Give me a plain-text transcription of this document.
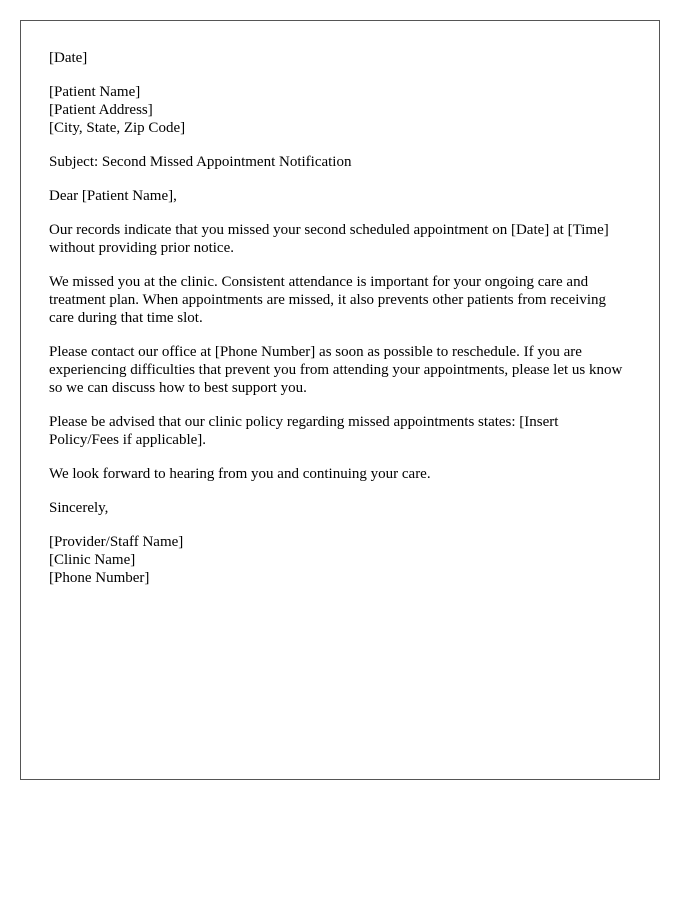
[Date]
[Patient Name]
[Patient Address]
[City, State, Zip Code]

Subject: Second Missed Appointment Notification

Dear [Patient Name],

Our records indicate that you missed your second scheduled appointment on [Date] at [Time] without providing prior notice.

We missed you at the clinic. Consistent attendance is important for your ongoing care and treatment plan. When appointments are missed, it also prevents other patients from receiving care during that time slot.

Please contact our office at [Phone Number] as soon as possible to reschedule. If you are experiencing difficulties that prevent you from attending your appointments, please let us know so we can discuss how to best support you.

Please be advised that our clinic policy regarding missed appointments states: [Insert Policy/Fees if applicable].

We look forward to hearing from you and continuing your care.

Sincerely,

[Provider/Staff Name]
[Clinic Name]
[Phone Number]
